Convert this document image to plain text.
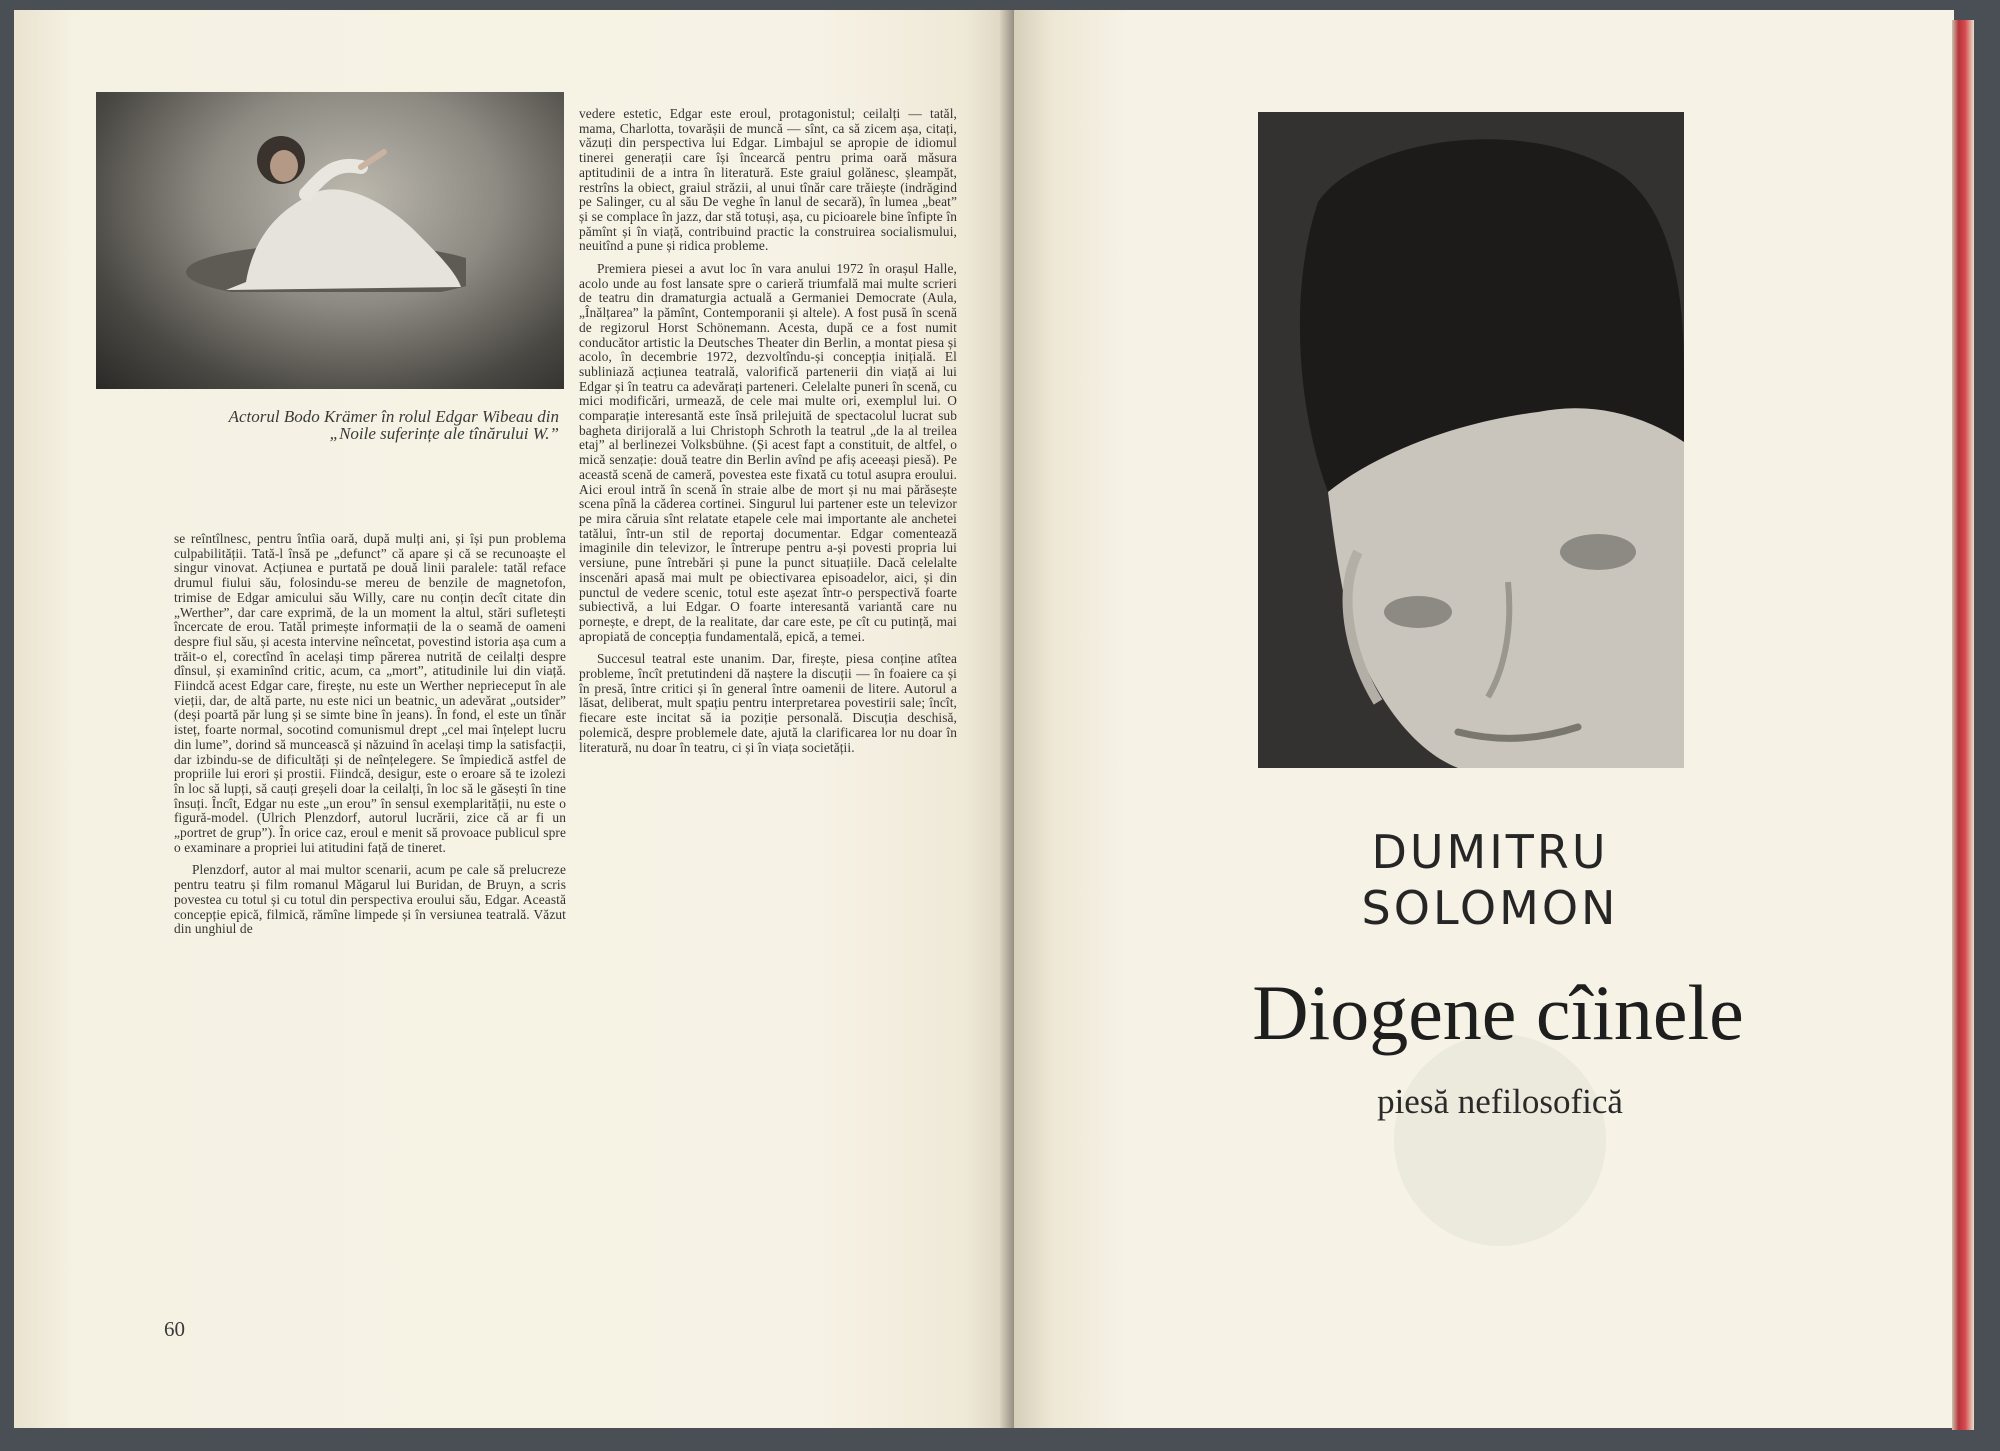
Actorul Bodo Krämer în rolul Edgar Wibeau din „Noile suferințe ale tînărului W.”

se reîntîlnesc, pentru întîia oară, după mulți ani, și își pun problema culpabilității. Tată-l însă pe „defunct” că apare și că se recunoaște el singur vinovat. Acțiunea e purtată pe două linii paralele: tatăl reface drumul fiului său, folosindu-se mereu de benzile de magnetofon, trimise de Edgar amicului său Willy, care nu conțin decît citate din „Werther”, dar care exprimă, de la un moment la altul, stări sufletești încercate de erou. Tatăl primește informații de la o seamă de oameni despre fiul său, și acesta intervine neîncetat, povestind istoria așa cum a trăit-o el, corectînd în același timp părerea nutrită de ceilalți despre dînsul, și examinînd critic, acum, ca „mort”, atitudinile lui din viață. Fiindcă acest Edgar care, firește, nu este un Werther neprieceput în ale vieții, dar, de altă parte, nu este nici un beatnic, un adevărat „outsider” (deși poartă păr lung și se simte bine în jeans). În fond, el este un tînăr isteț, foarte normal, socotind comunismul drept „cel mai înțelept lucru din lume”, dorind să muncească și năzuind în același timp la satisfacții, dar izbindu-se de dificultăți și de neînțelegere. Se împiedică astfel de propriile lui erori și prostii. Fiindcă, desigur, este o eroare să te izolezi în loc să lupți, să cauți greșeli doar la ceilalți, în loc să le găsești în tine însuți. Încît, Edgar nu este „un erou” în sensul exemplarității, nu este o figură-model. (Ulrich Plenzdorf, autorul lucrării, zice că ar fi un „portret de grup”). În orice caz, eroul e menit să provoace publicul spre o examinare a propriei lui atitudini față de tineret.

Plenzdorf, autor al mai multor scenarii, acum pe cale să prelucreze pentru teatru și film romanul Măgarul lui Buridan, de Bruyn, a scris povestea cu totul și cu totul din perspectiva eroului său, Edgar. Această concepție epică, filmică, rămîne limpede și în versiunea teatrală. Văzut din unghiul de

vedere estetic, Edgar este eroul, protagonistul; ceilalți — tatăl, mama, Charlotta, tovarășii de muncă — sînt, ca să zicem așa, citați, văzuți din perspectiva lui Edgar. Limbajul se apropie de idiomul tinerei generații care își încearcă pentru prima oară măsura aptitudinii de a intra în literatură. Este graiul golănesc, șleampăt, restrîns la obiect, graiul străzii, al unui tînăr care trăiește (indrăgind pe Salinger, cu al său De veghe în lanul de secară), în lumea „beat” și se complace în jazz, dar stă totuși, așa, cu picioarele bine înfipte în pămînt și în viață, contribuind practic la construirea socialismului, neuitînd a pune și ridica probleme.

Premiera piesei a avut loc în vara anului 1972 în orașul Halle, acolo unde au fost lansate spre o carieră triumfală mai multe scrieri de teatru din dramaturgia actuală a Germaniei Democrate (Aula, „Înălțarea” la pămînt, Contemporanii și altele). A fost pusă în scenă de regizorul Horst Schönemann. Acesta, după ce a fost numit conducător artistic la Deutsches Theater din Berlin, a montat piesa și acolo, în decembrie 1972, dezvoltîndu-și concepția inițială. El subliniază acțiunea teatrală, valorifică partenerii din viață ai lui Edgar și în teatru ca adevărați parteneri. Celelalte puneri în scenă, cu mici modificări, urmează, de cele mai multe ori, exemplul lui. O comparație interesantă este însă prilejuită de spectacolul lucrat sub bagheta dirijorală a lui Christoph Schroth la teatrul „de la al treilea etaj” al berlinezei Volksbühne. (Și acest fapt a constituit, de altfel, o mică senzație: două teatre din Berlin avînd pe afiș aceeași piesă). Pe această scenă de cameră, povestea este fixată cu totul asupra eroului. Aici eroul intră în scenă în straie albe de mort și nu mai părăsește scena pînă la căderea cortinei. Singurul lui partener este un televizor pe mira căruia sînt relatate etapele cele mai importante ale anchetei tatălui, într-un stil de reportaj documentar. Edgar comentează imaginile din televizor, le întrerupe pentru a-și povesti propria lui versiune, pune întrebări și pune la punct situațiile. Dacă celelalte inscenări apasă mai mult pe obiectivarea episoadelor, aici, și din punctul de vedere scenic, totul este așezat într-o perspectivă foarte subiectivă, a lui Edgar. O foarte interesantă variantă care nu pornește, e drept, de la realitate, dar care este, pe cît cu putință, mai apropiată de concepția fundamentală, epică, a temei.

Succesul teatral este unanim. Dar, firește, piesa conține atîtea probleme, încît pretutindeni dă naștere la discuții — în foaiere ca și în presă, între critici și în general între oamenii de litere. Autorul a lăsat, deliberat, mult spațiu pentru interpretarea povestirii sale; încît, fiecare este incitat să ia poziție personală. Discuția deschisă, polemică, despre problemele date, ajută la clarificarea lor nu doar în literatură, nu doar în teatru, ci și în viața societății.

60
DUMITRU
SOLOMON
Diogene cîinele
piesă nefilosofică
